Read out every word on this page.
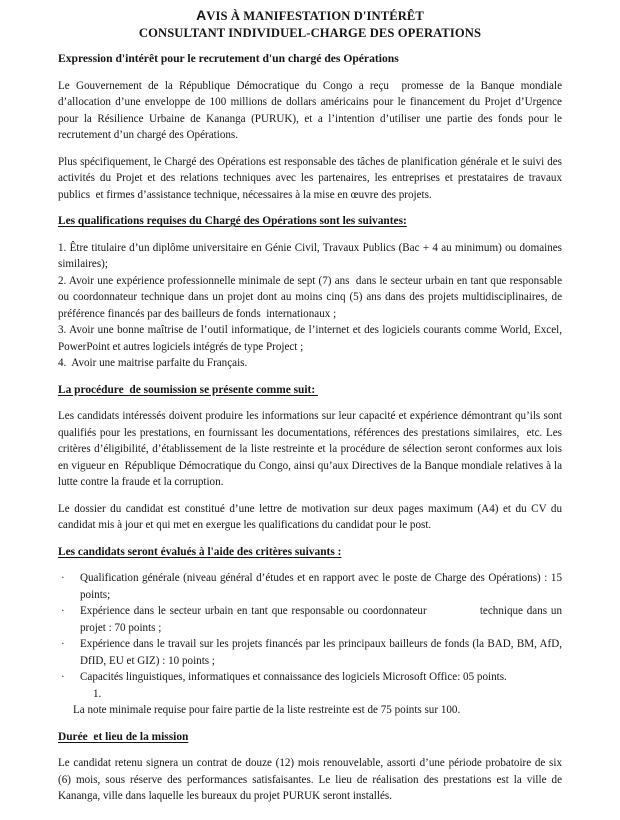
AVIS À MANIFESTATION D'INTÉRÊT
CONSULTANT INDIVIDUEL-CHARGE DES OPERATIONS

Expression d'intérêt pour le recrutement d'un chargé des Opérations

Le Gouvernement de la République Démocratique du Congo a reçu  promesse de la Banque mondiale d’allocation d’une enveloppe de 100 millions de dollars américains pour le financement du Projet d’Urgence pour la Résilience Urbaine de Kananga (PURUK), et a l’intention d’utiliser une partie des fonds pour le recrutement d’un chargé des Opérations.

Plus spécifiquement, le Chargé des Opérations est responsable des tâches de planification générale et le suivi des activités du Projet et des relations techniques avec les partenaires, les entreprises et prestataires de travaux publics  et firmes d’assistance technique, nécessaires à la mise en œuvre des projets.

Les qualifications requises du Chargé des Opérations sont les suivantes:

1. Être titulaire d’un diplôme universitaire en Génie Civil, Travaux Publics (Bac + 4 au minimum) ou domaines similaires);

2. Avoir une expérience professionnelle minimale de sept (7) ans  dans le secteur urbain en tant que responsable ou coordonnateur technique dans un projet dont au moins cinq (5) ans dans des projets multidisciplinaires, de préférence financés par des bailleurs de fonds  internationaux ;

3. Avoir une bonne maîtrise de l’outil informatique, de l’internet et des logiciels courants comme World, Excel, PowerPoint et autres logiciels intégrés de type Project ;

4.  Avoir une maitrise parfaite du Français.

La procédure  de soumission se présente comme suit:

Les candidats intéressés doivent produire les informations sur leur capacité et expérience démontrant qu’ils sont qualifiés pour les prestations, en fournissant les documentations, références des prestations similaires,  etc. Les critères d’éligibilité, d’établissement de la liste restreinte et la procédure de sélection seront conformes aux lois en vigueur en  République Démocratique du Congo, ainsi qu’aux Directives de la Banque mondiale relatives à la lutte contre la fraude et la corruption.

Le dossier du candidat est constitué d’une lettre de motivation sur deux pages maximum (A4) et du CV du candidat mis à jour et qui met en exergue les qualifications du candidat pour le post.

Les candidats seront évalués à l'aide des critères suivants :
· Qualification générale (niveau général d’études et en rapport avec le poste de Charge des Opérations) : 15 points;
· Expérience dans le secteur urbain en tant que responsable ou coordonnateur              technique dans un projet : 70 points ;
· Expérience dans le travail sur les projets financés par les principaux bailleurs de fonds (la BAD, BM, AfD, DfID, EU et GIZ) : 10 points ;
· Capacités linguistiques, informatiques et connaissance des logiciels Microsoft Office: 05 points.

1.

La note minimale requise pour faire partie de la liste restreinte est de 75 points sur 100.

Durée  et lieu de la mission

Le candidat retenu signera un contrat de douze (12) mois renouvelable, assorti d’une période probatoire de six (6) mois, sous réserve des performances satisfaisantes. Le lieu de réalisation des prestations est la ville de Kananga, ville dans laquelle les bureaux du projet PURUK seront installés.
